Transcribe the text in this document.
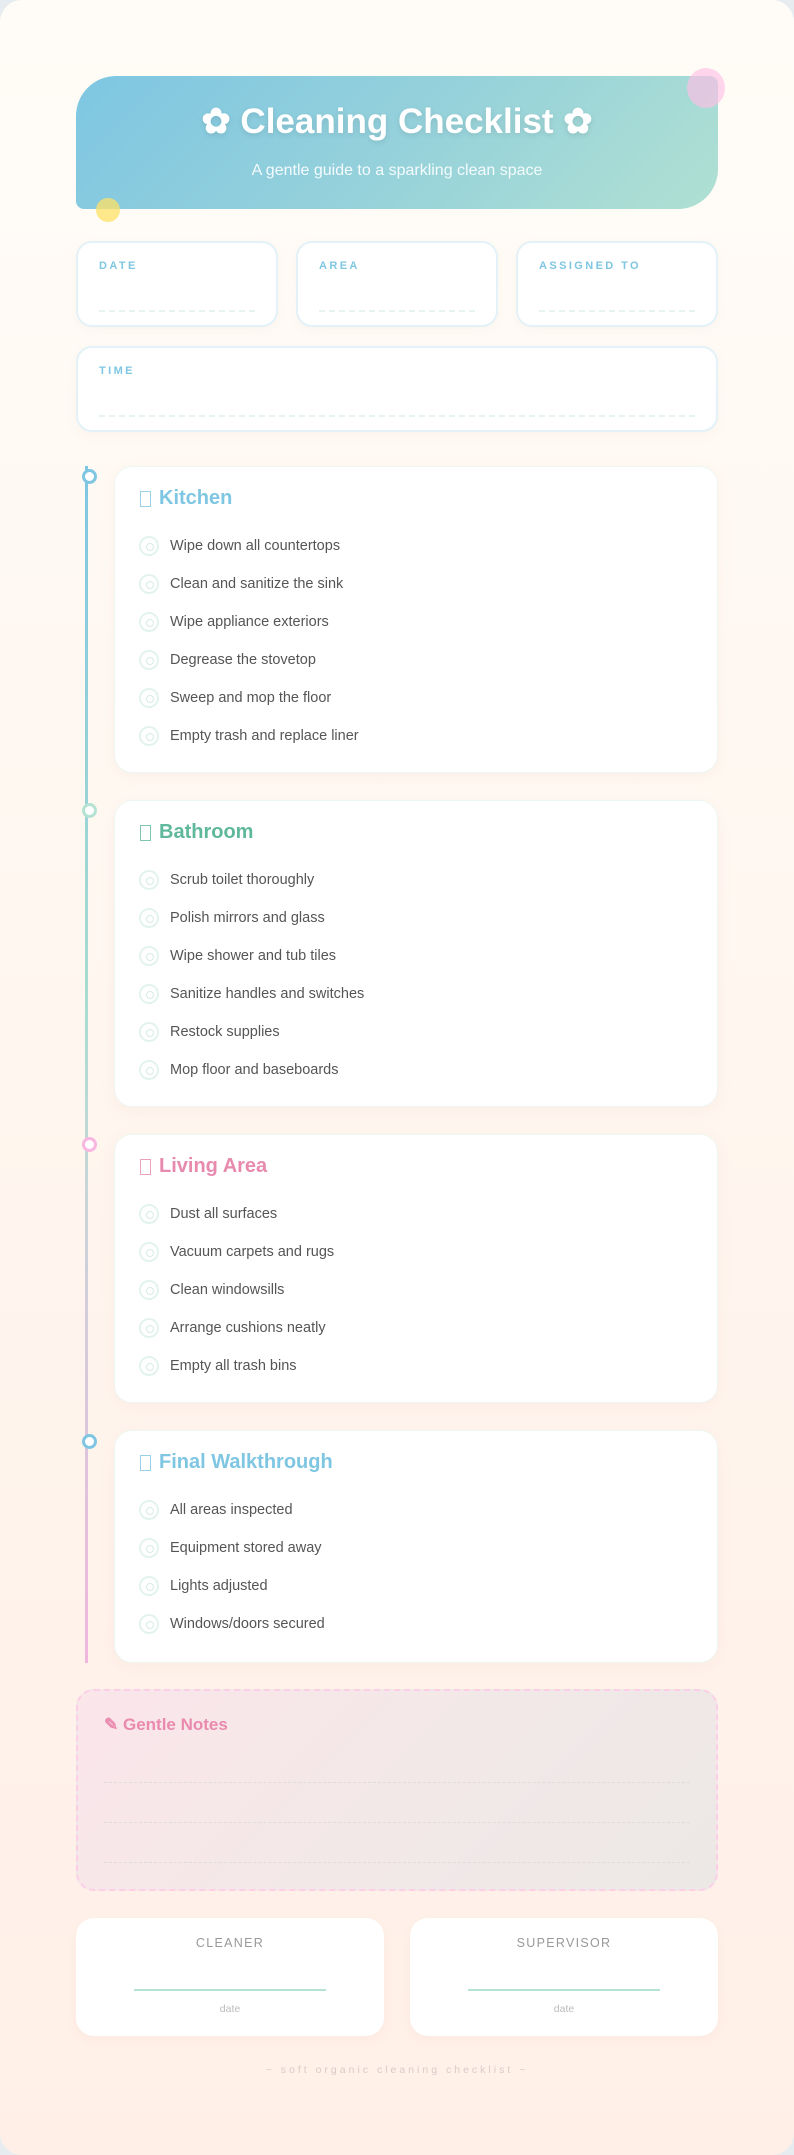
✿ Cleaning Checklist ✿
A gentle guide to a sparkling clean space
DATE	AREA	ASSIGNED TO
TIME
Kitchen
Wipe down all countertops
Clean and sanitize the sink
Wipe appliance exteriors
Degrease the stovetop
Sweep and mop the floor
Empty trash and replace liner
Bathroom
Scrub toilet thoroughly
Polish mirrors and glass
Wipe shower and tub tiles
Sanitize handles and switches
Restock supplies
Mop floor and baseboards
Living Area
Dust all surfaces
Vacuum carpets and rugs
Clean windowsills
Arrange cushions neatly
Empty all trash bins
Final Walkthrough
All areas inspected
Equipment stored away
Lights adjusted
Windows/doors secured
✎ Gentle Notes
CLEANER
date
SUPERVISOR
date
~ soft organic cleaning checklist ~
